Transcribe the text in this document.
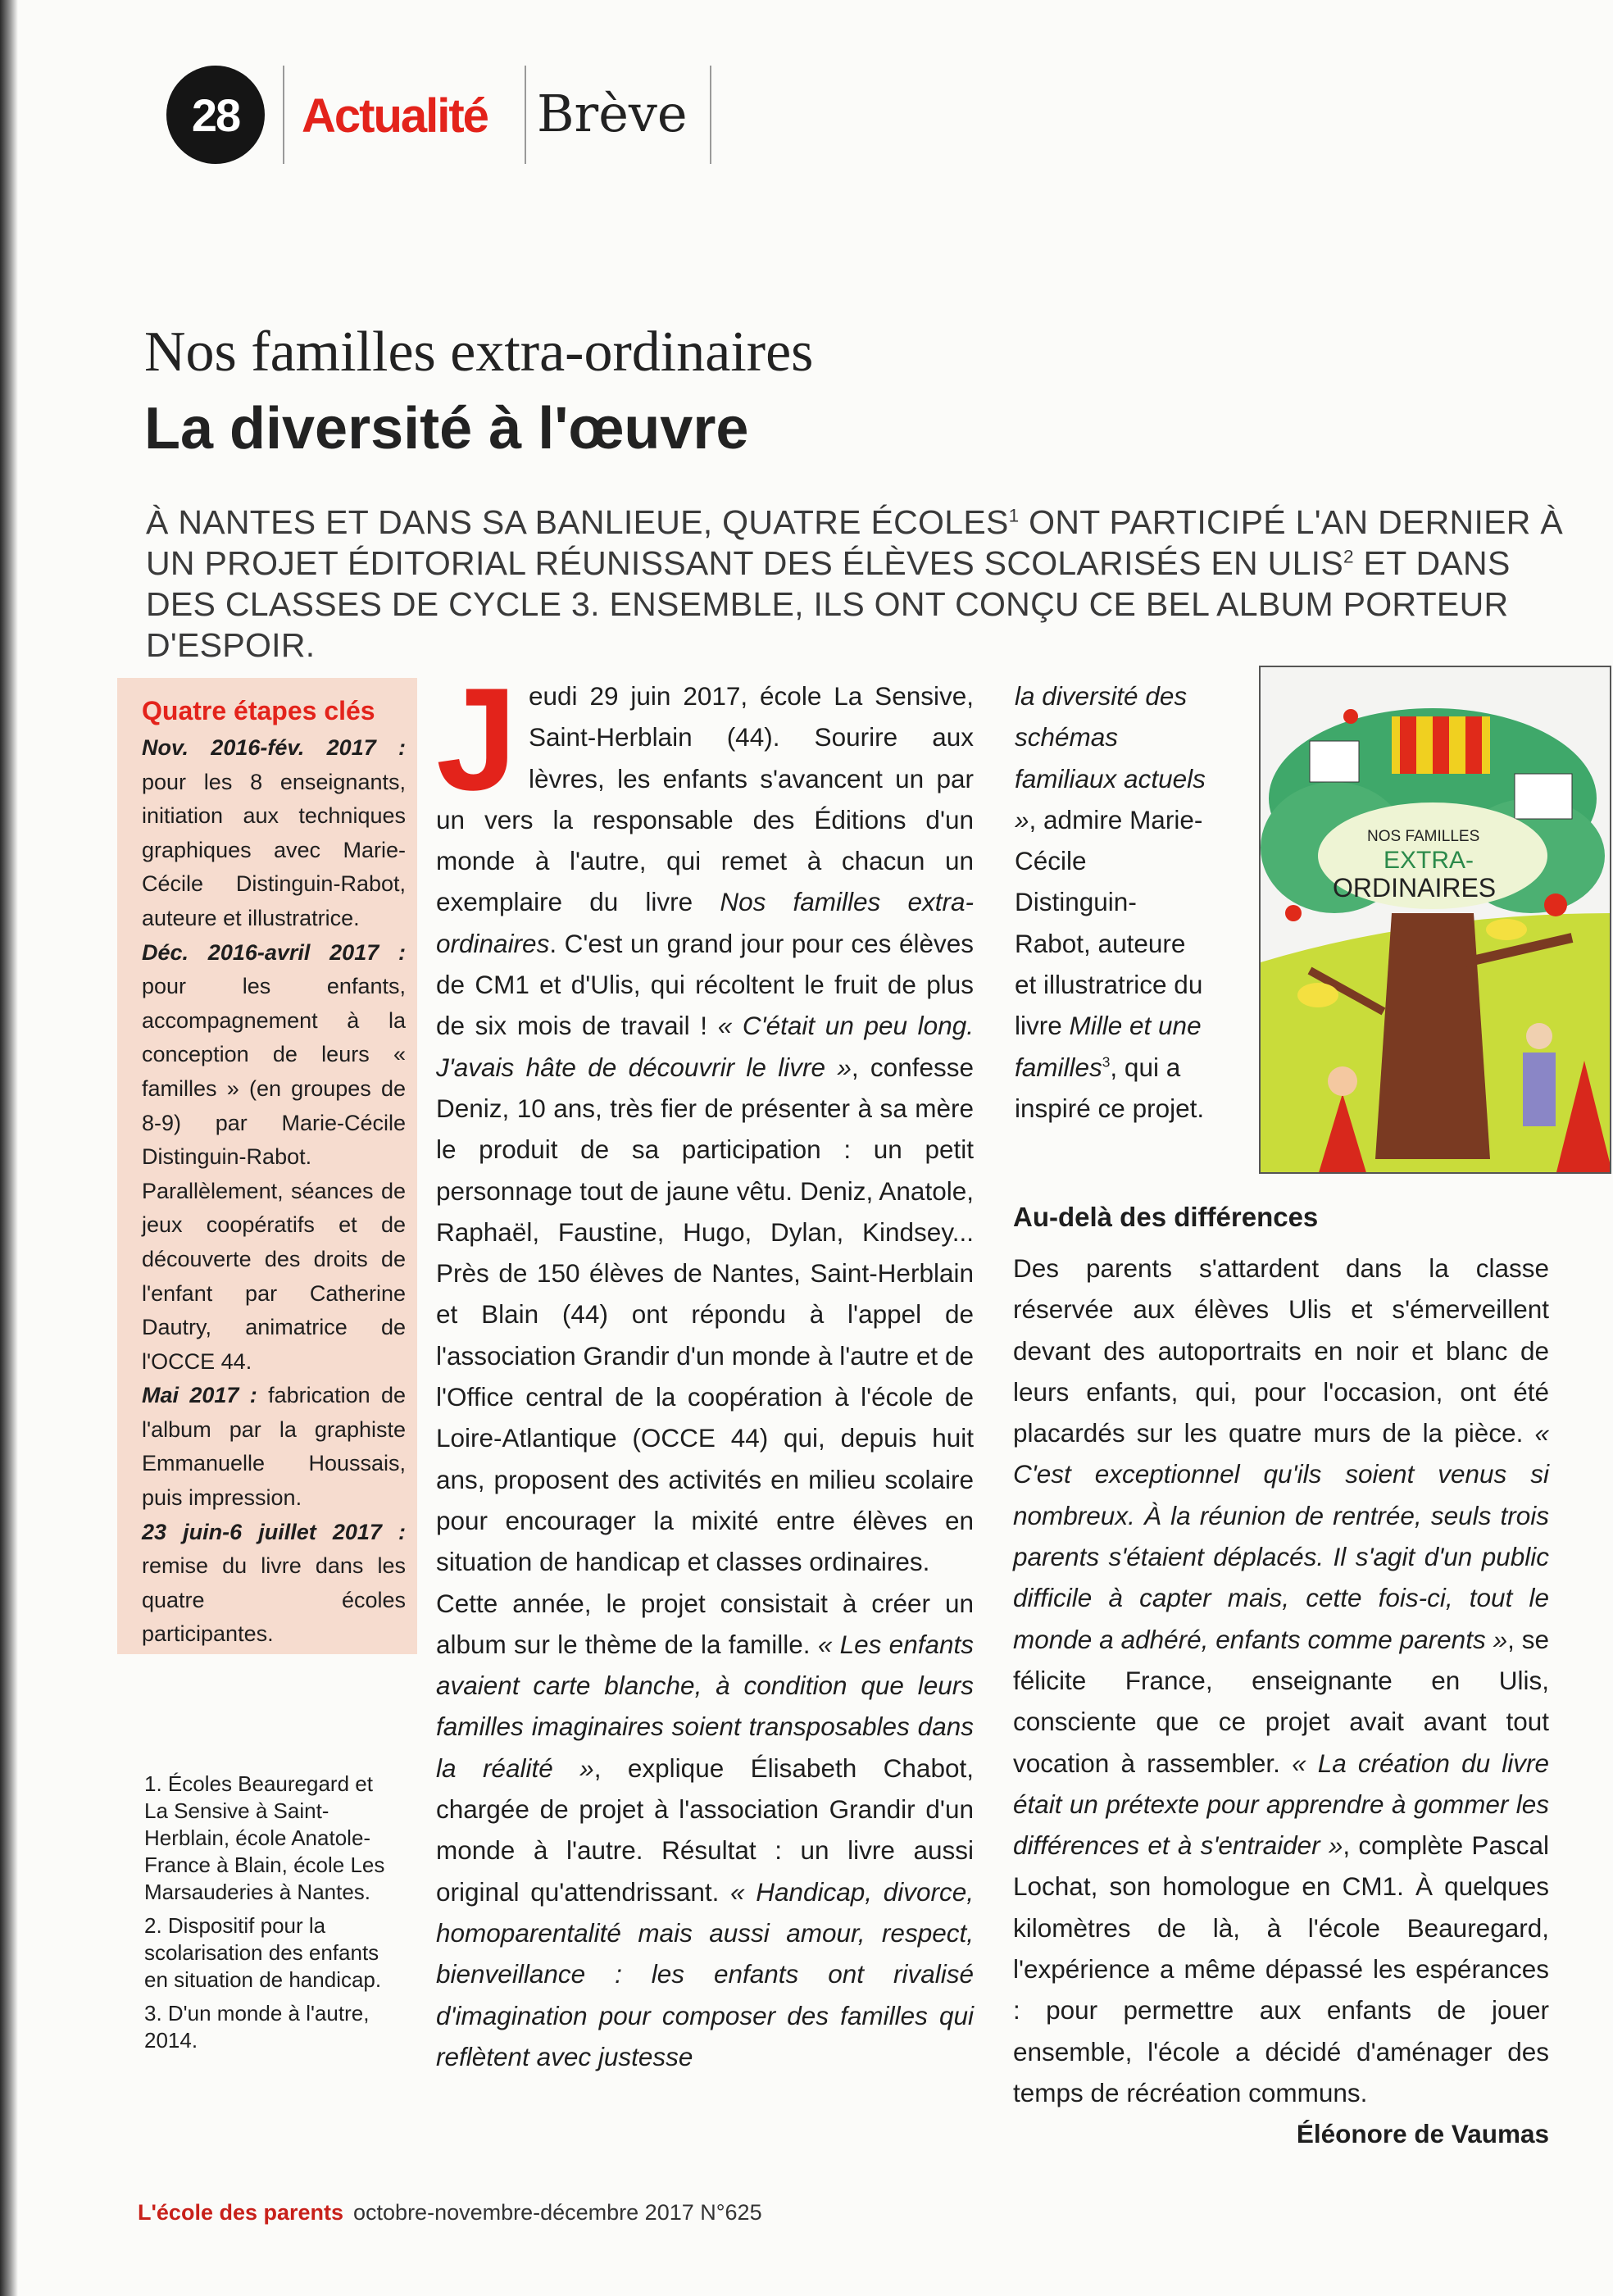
28 Actualité Brève
Nos familles extra-ordinaires
La diversité à l'œuvre
À NANTES ET DANS SA BANLIEUE, QUATRE ÉCOLES$^1$ ONT PARTICIPÉ L'AN DERNIER À UN PROJET ÉDITORIAL RÉUNISSANT DES ÉLÈVES SCOLARISÉS EN ULIS$^2$ ET DANS DES CLASSES DE CYCLE 3. ENSEMBLE, ILS ONT CONÇU CE BEL ALBUM PORTEUR D'ESPOIR.
Quatre étapes clés
Nov. 2016-fév. 2017 : pour les 8 enseignants, initiation aux techniques graphiques avec Marie-Cécile Distinguin-Rabot, auteure et illustratrice.
Déc. 2016-avril 2017 : pour les enfants, accompagnement à la conception de leurs « familles » (en groupes de 8-9) par Marie-Cécile Distinguin-Rabot. Parallèlement, séances de jeux coopératifs et de découverte des droits de l'enfant par Catherine Dautry, animatrice de l'OCCE 44.
Mai 2017 : fabrication de l'album par la graphiste Emmanuelle Houssais, puis impression.
23 juin-6 juillet 2017 : remise du livre dans les quatre écoles participantes.
1. Écoles Beauregard et La Sensive à Saint-Herblain, école Anatole-France à Blain, école Les Marsauderies à Nantes.
2. Dispositif pour la scolarisation des enfants en situation de handicap.
3. D'un monde à l'autre, 2014.
J eudi 29 juin 2017, école La Sensive, Saint-Herblain (44). Sourire aux lèvres, les enfants s'avancent un par un vers la responsable des Éditions d'un monde à l'autre, qui remet à chacun un exemplaire du livre Nos familles extra-ordinaires. C'est un grand jour pour ces élèves de CM1 et d'Ulis, qui récoltent le fruit de plus de six mois de travail ! « C'était un peu long. J'avais hâte de découvrir le livre », confesse Deniz, 10 ans, très fier de présenter à sa mère le produit de sa participation : un petit personnage tout de jaune vêtu. Deniz, Anatole, Raphaël, Faustine, Hugo, Dylan, Kindsey... Près de 150 élèves de Nantes, Saint-Herblain et Blain (44) ont répondu à l'appel de l'association Grandir d'un monde à l'autre et de l'Office central de la coopération à l'école de Loire-Atlantique (OCCE 44) qui, depuis huit ans, proposent des activités en milieu scolaire pour encourager la mixité entre élèves en situation de handicap et classes ordinaires.

Cette année, le projet consistait à créer un album sur le thème de la famille. « Les enfants avaient carte blanche, à condition que leurs familles imaginaires soient transposables dans la réalité », explique Élisabeth Chabot, chargée de projet à l'association Grandir d'un monde à l'autre. Résultat : un livre aussi original qu'attendrissant. « Handicap, divorce, homoparentalité mais aussi amour, respect, bienveillance : les enfants ont rivalisé d'imagination pour composer des familles qui reflètent avec justesse

la diversité des schémas familiaux actuels », admire Marie-Cécile Distinguin-Rabot, auteure et illustratrice du livre Mille et une familles$^3$, qui a inspiré ce projet.

NOS FAMILLES
EXTRA-
ORDINAIRES
Au-delà des différences

Des parents s'attardent dans la classe réservée aux élèves Ulis et s'émerveillent devant des autoportraits en noir et blanc de leurs enfants, qui, pour l'occasion, ont été placardés sur les quatre murs de la pièce. « C'est exceptionnel qu'ils soient venus si nombreux. À la réunion de rentrée, seuls trois parents s'étaient déplacés. Il s'agit d'un public difficile à capter mais, cette fois-ci, tout le monde a adhéré, enfants comme parents », se félicite France, enseignante en Ulis, consciente que ce projet avait avant tout vocation à rassembler. « La création du livre était un prétexte pour apprendre à gommer les différences et à s'entraider », complète Pascal Lochat, son homologue en CM1. À quelques kilomètres de là, à l'école Beauregard, l'expérience a même dépassé les espérances : pour permettre aux enfants de jouer ensemble, l'école a décidé d'aménager des temps de récréation communs.
Éléonore de Vaumas

L'école des parents octobre-novembre-décembre 2017 N°625
